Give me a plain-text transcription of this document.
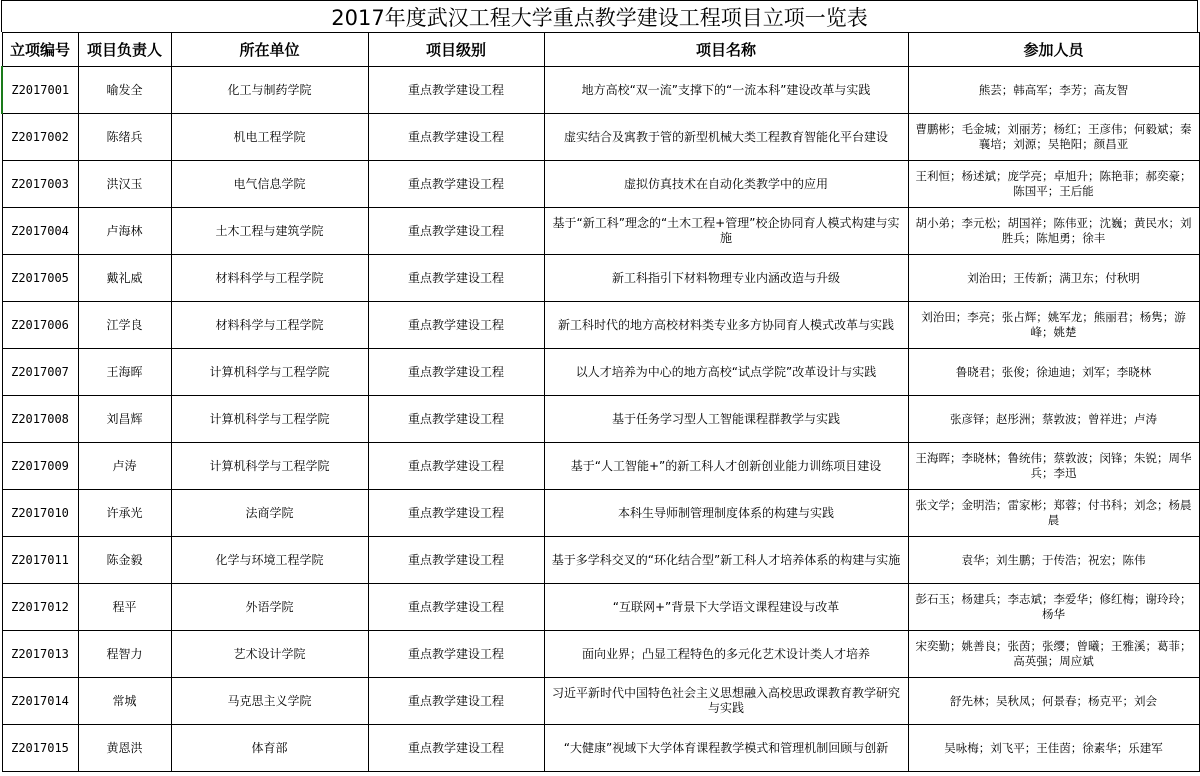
2017年度武汉工程大学重点教学建设工程项目立项一览表
立项编号	项目负责人	所在单位	项目级别	项目名称	参加人员
Z2017001	喻发全	化工与制药学院	重点教学建设工程	地方高校“双一流”支撑下的“一流本科”建设改革与实践	熊芸；韩高军；李芳；高友智
Z2017002	陈绪兵	机电工程学院	重点教学建设工程	虚实结合及寓教于管的新型机械大类工程教育智能化平台建设	曹鹏彬；毛金城；刘丽芳；杨红；王彦伟；何毅斌；秦襄培；刘源；吴艳阳；颜昌亚
Z2017003	洪汉玉	电气信息学院	重点教学建设工程	虚拟仿真技术在自动化类教学中的应用	王利恒；杨述斌；庞学亮；卓旭升；陈艳菲；郝奕豪；陈国平；王后能
Z2017004	卢海林	土木工程与建筑学院	重点教学建设工程	基于“新工科”理念的“土木工程+管理”校企协同育人模式构建与实施	胡小弟；李元松；胡国祥；陈伟亚；沈巍；黄民水；刘胜兵；陈旭勇；徐丰
Z2017005	戴礼威	材料科学与工程学院	重点教学建设工程	新工科指引下材料物理专业内涵改造与升级	刘治田；王传新；满卫东；付秋明
Z2017006	江学良	材料科学与工程学院	重点教学建设工程	新工科时代的地方高校材料类专业多方协同育人模式改革与实践	刘治田；李亮；张占辉；姚军龙；熊丽君；杨隽；游峰；姚楚
Z2017007	王海晖	计算机科学与工程学院	重点教学建设工程	以人才培养为中心的地方高校“试点学院”改革设计与实践	鲁晓君；张俊；徐迪迪；刘军；李晓林
Z2017008	刘昌辉	计算机科学与工程学院	重点教学建设工程	基于任务学习型人工智能课程群教学与实践	张彦铎；赵彤洲；蔡敦波；曾祥进；卢涛
Z2017009	卢涛	计算机科学与工程学院	重点教学建设工程	基于“人工智能+”的新工科人才创新创业能力训练项目建设	王海晖；李晓林；鲁统伟；蔡敦波；闵锋；朱锐；周华兵；李迅
Z2017010	许承光	法商学院	重点教学建设工程	本科生导师制管理制度体系的构建与实践	张文学；金明浩；雷家彬；郑蓉；付书科；刘念；杨晨晨
Z2017011	陈金毅	化学与环境工程学院	重点教学建设工程	基于多学科交叉的“环化结合型”新工科人才培养体系的构建与实施	袁华；刘生鹏；于传浩；祝宏；陈伟
Z2017012	程平	外语学院	重点教学建设工程	“互联网+”背景下大学语文课程建设与改革	彭石玉；杨建兵；李志斌；李爱华；修红梅；谢玲玲；杨华
Z2017013	程智力	艺术设计学院	重点教学建设工程	面向业界；凸显工程特色的多元化艺术设计类人才培养	宋奕勤；姚善良；张茵；张缨；曾曦；王雅溪；葛菲；高英强；周应斌
Z2017014	常城	马克思主义学院	重点教学建设工程	习近平新时代中国特色社会主义思想融入高校思政课教育教学研究与实践	舒先林；吴秋凤；何景春；杨克平；刘会
Z2017015	黄恩洪	体育部	重点教学建设工程	“大健康”视域下大学体育课程教学模式和管理机制回顾与创新	吴咏梅；刘飞平；王佳茵；徐素华；乐建军
